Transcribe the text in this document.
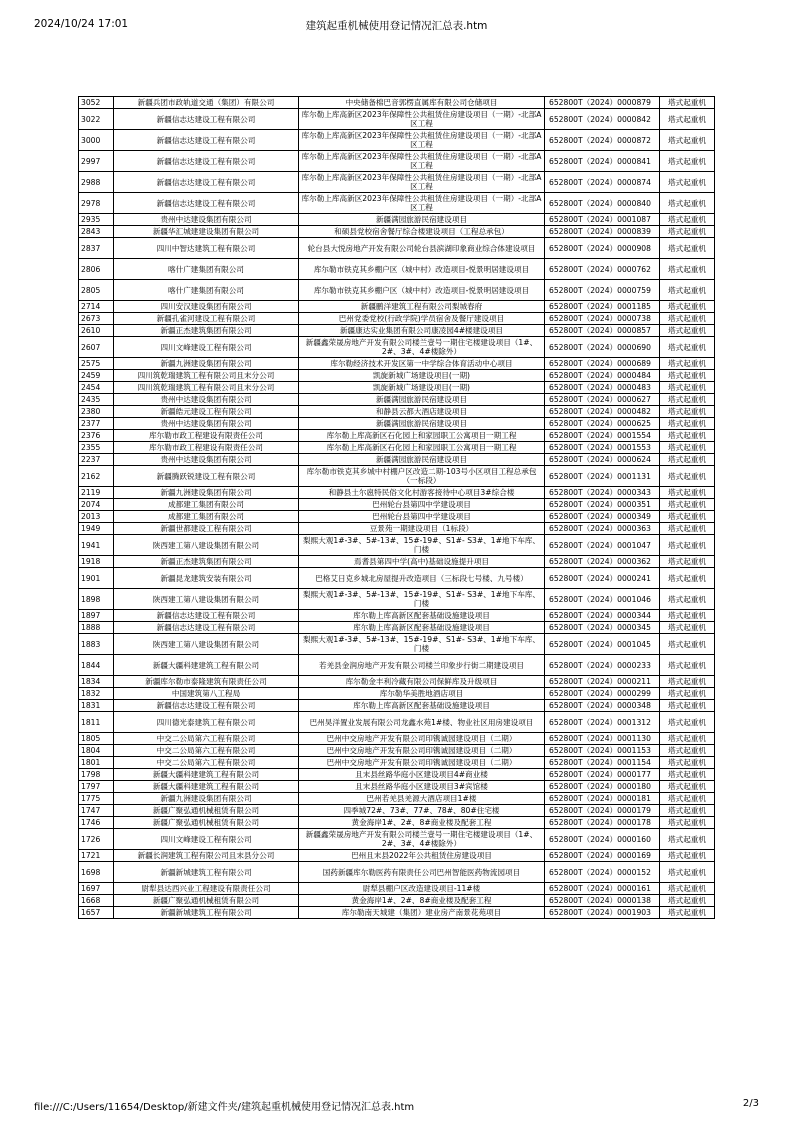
2024/10/24 17:01	建筑起重机械使用登记情况汇总表.htm
3052	新疆兵团市政轨道交通（集团）有限公司	中央储备棉巴音郭楞直属库有限公司仓储项目	652800T（2024）0000879	塔式起重机
3022	新疆信志达建设工程有限公司	库尔勒上库高新区2023年保障性公共租赁住房建设项目（一期）-北部A区工程	652800T（2024）0000842	塔式起重机
3000	新疆信志达建设工程有限公司	库尔勒上库高新区2023年保障性公共租赁住房建设项目（一期）-北部A区工程	652800T（2024）0000872	塔式起重机
2997	新疆信志达建设工程有限公司	库尔勒上库高新区2023年保障性公共租赁住房建设项目（一期）-北部A区工程	652800T（2024）0000841	塔式起重机
2988	新疆信志达建设工程有限公司	库尔勒上库高新区2023年保障性公共租赁住房建设项目（一期）-北部A区工程	652800T（2024）0000874	塔式起重机
2978	新疆信志达建设工程有限公司	库尔勒上库高新区2023年保障性公共租赁住房建设项目（一期）-北部A区工程	652800T（2024）0000840	塔式起重机
2935	贵州中达建设集团有限公司	新疆满园旅游民宿建设项目	652800T（2024）0001087	塔式起重机
2843	新疆华汇城建建设集团有限公司	和硕县党校宿舍餐厅综合楼建设项目（工程总承包）	652800T（2024）0000839	塔式起重机
2837	四川中智达建筑工程有限公司	轮台县大悦房地产开发有限公司轮台县滨湖印象商业综合体建设项目	652800T（2024）0000908	塔式起重机
2806	喀什广建集团有限公司	库尔勒市铁克其乡棚户区（城中村）改造项目-悦景明居建设项目	652800T（2024）0000762	塔式起重机
2805	喀什广建集团有限公司	库尔勒市铁克其乡棚户区（城中村）改造项目-悦景明居建设项目	652800T（2024）0000759	塔式起重机
2714	四川安汉建设集团有限公司	新疆鹏洋建筑工程有限公司梨城春府	652800T（2024）0001185	塔式起重机
2673	新疆孔雀河建设工程有限公司	巴州党委党校(行政学院)学员宿舍及餐厅建设项目	652800T（2024）0000738	塔式起重机
2610	新疆正杰建筑集团有限公司	新疆康达实业集团有限公司康凌园4#楼建设项目	652800T（2024）0000857	塔式起重机
2607	四川文峰建设工程有限公司	新疆鑫荣晟房地产开发有限公司楼兰壹号一期住宅楼建设项目（1#、2#、3#、4#楼除外）	652800T（2024）0000690	塔式起重机
2575	新疆九洲建设集团有限公司	库尔勒经济技术开发区第一中学综合体育活动中心项目	652800T（2024）0000689	塔式起重机
2459	四川筑乾瑞建筑工程有限公司且末分公司	凯旋新城广场建设项目(一期)	652800T（2024）0000484	塔式起重机
2454	四川筑乾瑞建筑工程有限公司且末分公司	凯旋新城广场建设项目(一期)	652800T（2024）0000483	塔式起重机
2435	贵州中达建设集团有限公司	新疆满园旅游民宿建设项目	652800T（2024）0000627	塔式起重机
2380	新疆皓元建设工程有限公司	和静县云都大酒店建设项目	652800T（2024）0000482	塔式起重机
2377	贵州中达建设集团有限公司	新疆满园旅游民宿建设项目	652800T（2024）0000625	塔式起重机
2376	库尔勒市政工程建设有限责任公司	库尔勒上库高新区石化园上和家园职工公寓项目一期工程	652800T（2024）0001554	塔式起重机
2355	库尔勒市政工程建设有限责任公司	库尔勒上库高新区石化园上和家园职工公寓项目一期工程	652800T（2024）0001553	塔式起重机
2237	贵州中达建设集团有限公司	新疆满园旅游民宿建设项目	652800T（2024）0000624	塔式起重机
2162	新疆腾跃锐建设工程有限公司	库尔勒市铁克其乡城中村棚户区改造二期-103号小区项目工程总承包（一标段）	652800T（2024）0001131	塔式起重机
2119	新疆九洲建设集团有限公司	和静县土尔扈特民俗文化村游客接待中心项目3#综合楼	652800T（2024）0000343	塔式起重机
2074	成都建工集团有限公司	巴州轮台县第四中学建设项目	652800T（2024）0000351	塔式起重机
2013	成都建工集团有限公司	巴州轮台县第四中学建设项目	652800T（2024）0000349	塔式起重机
1949	新疆世都建设工程有限公司	豆景苑一期建设项目（1标段）	652800T（2024）0000363	塔式起重机
1941	陕西建工第八建设集团有限公司	梨熙大观1#-3#、5#-13#、15#-19#、S1#- S3#、1#地下车库、门楼	652800T（2024）0001047	塔式起重机
1918	新疆正杰建筑集团有限公司	焉耆县第四中学(高中)基础设施提升项目	652800T（2024）0000362	塔式起重机
1901	新疆昆龙建筑安装有限公司	巴格艾日克乡城北房屋提升改造项目（三标段七号楼、九号楼）	652800T（2024）0000241	塔式起重机
1898	陕西建工第八建设集团有限公司	梨熙大观1#-3#、5#-13#、15#-19#、S1#- S3#、1#地下车库、门楼	652800T（2024）0001046	塔式起重机
1897	新疆信志达建设工程有限公司	库尔勒上库高新区配套基础设施建设项目	652800T（2024）0000344	塔式起重机
1888	新疆信志达建设工程有限公司	库尔勒上库高新区配套基础设施建设项目	652800T（2024）0000345	塔式起重机
1883	陕西建工第八建设集团有限公司	梨熙大观1#-3#、5#-13#、15#-19#、S1#- S3#、1#地下车库、门楼	652800T（2024）0001045	塔式起重机
1844	新疆大疆科建建筑工程有限公司	若羌县金润房地产开发有限公司楼兰印象步行街二期建设项目	652800T（2024）0000233	塔式起重机
1834	新疆库尔勒市泰隆建筑有限责任公司	库尔勒金丰利冷藏有限公司保鲜库及升级项目	652800T（2024）0000211	塔式起重机
1832	中国建筑第八工程局	库尔勒华美胜地酒店项目	652800T（2024）0000299	塔式起重机
1831	新疆信志达建设工程有限公司	库尔勒上库高新区配套基础设施建设项目	652800T（2024）0000348	塔式起重机
1811	四川德光泰建筑工程有限公司	巴州昊洋置业发展有限公司龙鑫水苑1#楼、物业社区用房建设项目	652800T（2024）0001312	塔式起重机
1805	中交二公局第六工程有限公司	巴州中交房地产开发有限公司印镌诚园建设项目（二期）	652800T（2024）0001130	塔式起重机
1804	中交二公局第六工程有限公司	巴州中交房地产开发有限公司印镌诚园建设项目（二期）	652800T（2024）0001153	塔式起重机
1801	中交二公局第六工程有限公司	巴州中交房地产开发有限公司印镌诚园建设项目（二期）	652800T（2024）0001154	塔式起重机
1798	新疆大疆科建建筑工程有限公司	且末县丝路华庭小区建设项目4#商业楼	652800T（2024）0000177	塔式起重机
1797	新疆大疆科建建筑工程有限公司	且末县丝路华庭小区建设项目3#宾馆楼	652800T（2024）0000180	塔式起重机
1775	新疆九洲建设集团有限公司	巴州若羌县羌源大酒店项目1#楼	652800T（2024）0000181	塔式起重机
1747	新疆广聚弘通机械租赁有限公司	四季城72#、73#、77#、78#、80#住宅楼	652800T（2024）0000179	塔式起重机
1746	新疆广聚弘通机械租赁有限公司	黄金海岸1#、2#、8#商业楼及配套工程	652800T（2024）0000178	塔式起重机
1726	四川文峰建设工程有限公司	新疆鑫荣晟房地产开发有限公司楼兰壹号一期住宅楼建设项目（1#、2#、3#、4#楼除外）	652800T（2024）0000160	塔式起重机
1721	新疆长润建筑工程有限公司且末县分公司	巴州且末县2022年公共租赁住房建设项目	652800T（2024）0000169	塔式起重机
1698	新疆新城建筑工程有限公司	国药新疆库尔勒医药有限责任公司巴州智能医药物流园项目	652800T（2024）0000152	塔式起重机
1697	尉犁县达西兴业工程建设有限责任公司	尉犁县棚户区改造建设项目-11#楼	652800T（2024）0000161	塔式起重机
1668	新疆广聚弘通机械租赁有限公司	黄金海岸1#、2#、8#商业楼及配套工程	652800T（2024）0000138	塔式起重机
1657	新疆新城建筑工程有限公司	库尔勒南天城建（集团）建业房产南景花苑项目	652800T（2024）0001903	塔式起重机
file:///C:/Users/11654/Desktop/新建文件夹/建筑起重机械使用登记情况汇总表.htm	2/3
